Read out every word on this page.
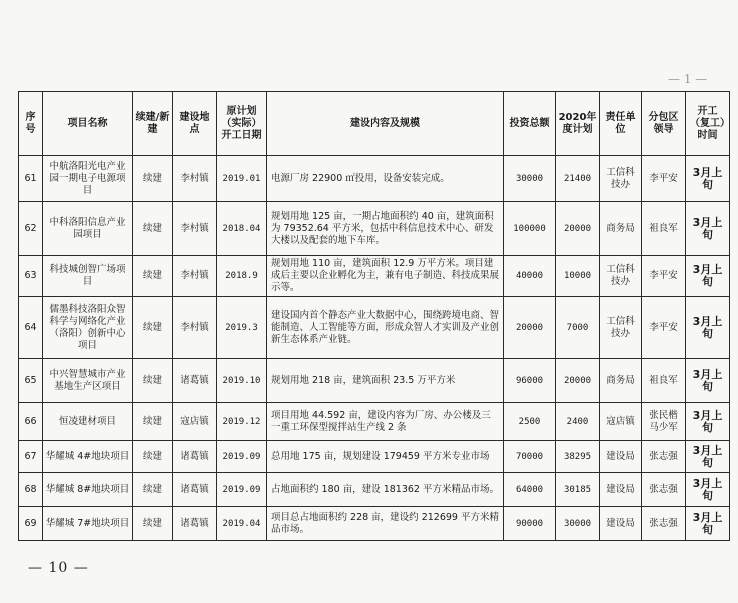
— 1 —
序号	项目名称	续建/新建	建设地点	原计划（实际）开工日期	建设内容及规模	投资总额	2020年度计划	责任单位	分包区领导	开工（复工）时间
61	中航洛阳光电产业园一期电子电源项目	续建	李村镇	2019.01	电源厂房 22900 ㎡投用，设备安装完成。	30000	21400	工信科技办	李平安	3月上旬
62	中科洛阳信息产业园项目	续建	李村镇	2018.04	规划用地 125 亩，一期占地面积约 40 亩，建筑面积为 79352.64 平方米，包括中科信息技术中心、研发大楼以及配套的地下车库。	100000	20000	商务局	祖良军	3月上旬
63	科技城创智广场项目	续建	李村镇	2018.9	规划用地 110 亩，建筑面积 12.9 万平方米。项目建成后主要以企业孵化为主，兼有电子制造、科技成果展示等。	40000	10000	工信科技办	李平安	3月上旬
64	儒墨科技洛阳众智科学与网络化产业（洛阳）创新中心项目	续建	李村镇	2019.3	建设国内首个静态产业大数据中心，围绕跨境电商、智能制造、人工智能等方面，形成众智人才实训及产业创新生态体系产业链。	20000	7000	工信科技办	李平安	3月上旬
65	中兴智慧城市产业基地生产区项目	续建	诸葛镇	2019.10	规划用地 218 亩，建筑面积 23.5 万平方米	96000	20000	商务局	祖良军	3月上旬
66	恒凌建材项目	续建	寇店镇	2019.12	项目用地 44.592 亩，建设内容为厂房、办公楼及三一重工环保型搅拌站生产线 2 条	2500	2400	寇店镇	张民楷 马少军	3月上旬
67	华耀城 4#地块项目	续建	诸葛镇	2019.09	总用地 175 亩，规划建设 179459 平方米专业市场	70000	38295	建设局	张志强	3月上旬
68	华耀城 8#地块项目	续建	诸葛镇	2019.09	占地面积约 180 亩，建设 181362 平方米精品市场。	64000	30185	建设局	张志强	3月上旬
69	华耀城 7#地块项目	续建	诸葛镇	2019.04	项目总占地面积约 228 亩，建设约 212699 平方米精品市场。	90000	30000	建设局	张志强	3月上旬
— 10 —
